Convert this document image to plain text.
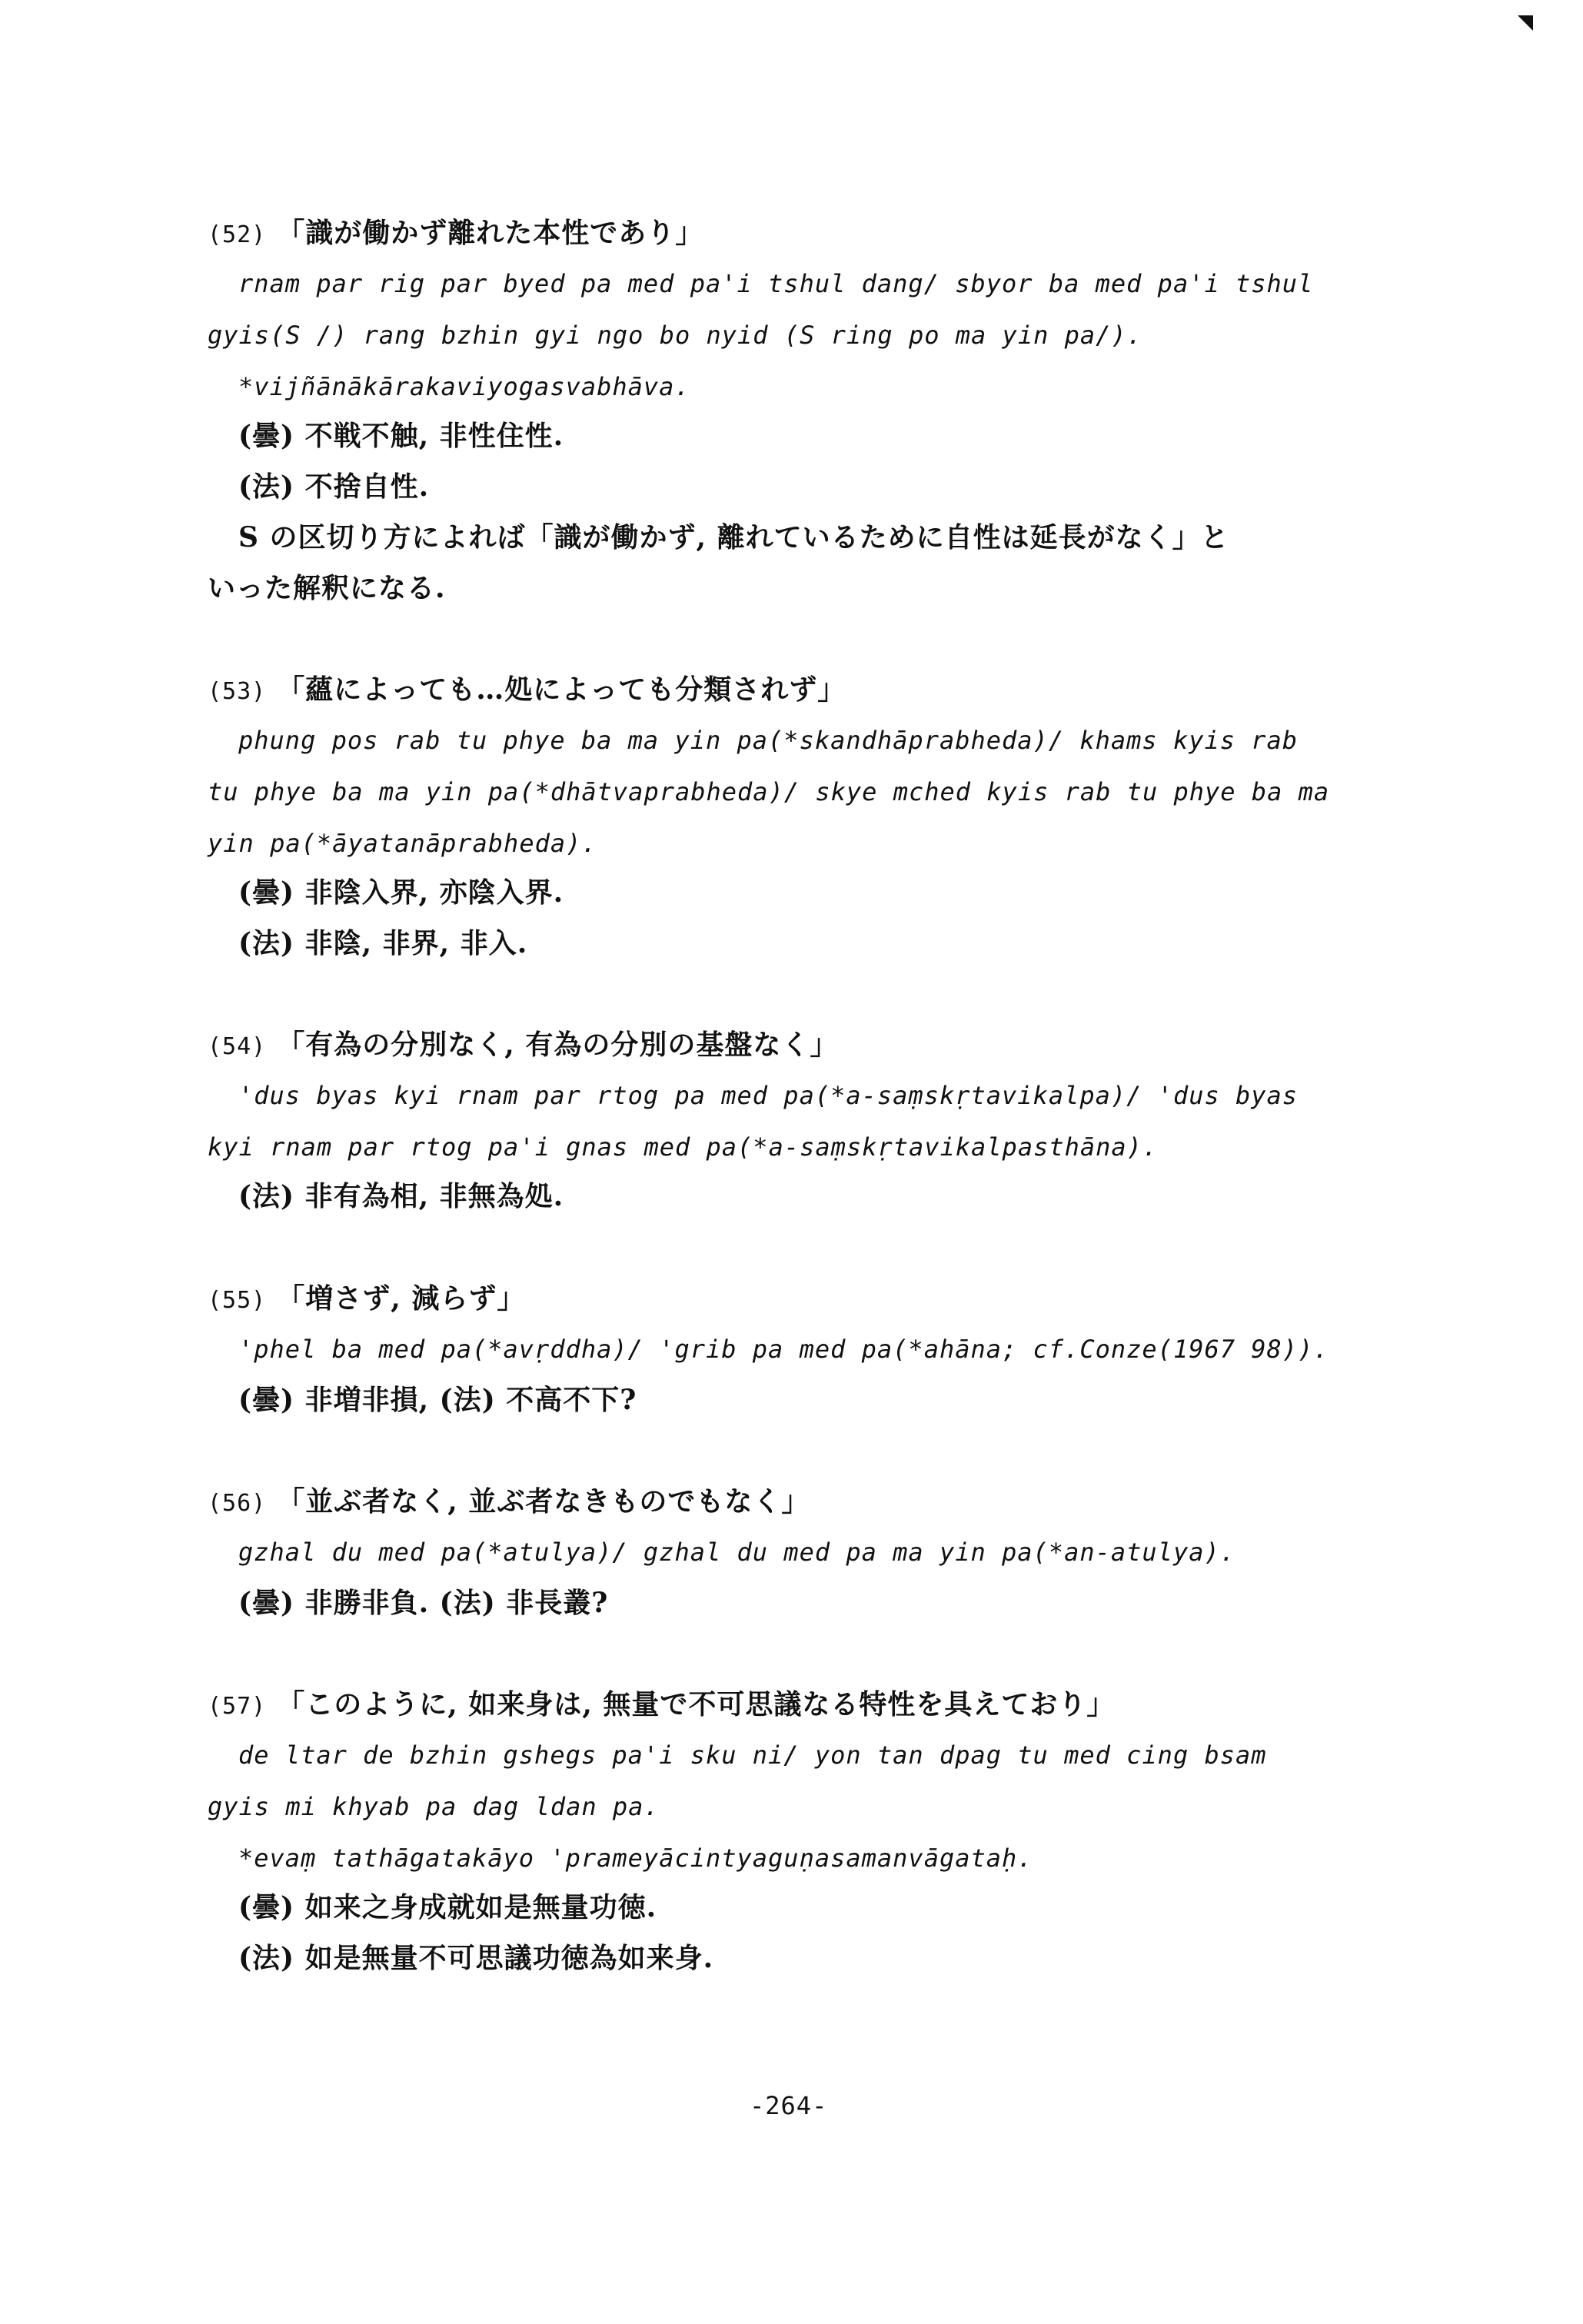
(52) 「識が働かず離れた本性であり」
rnam par rig par byed pa med pa'i tshul dang/ sbyor ba med pa'i tshul
gyis(S /) rang bzhin gyi ngo bo nyid (S ring po ma yin pa/).
*vijñānākārakaviyogasvabhāva.
(曇) 不戦不触, 非性住性.
(法) 不捨自性.
S の区切り方によれば「識が働かず, 離れているために自性は延長がなく」と
いった解釈になる.
(53) 「蘊によっても…処によっても分類されず」
phung pos rab tu phye ba ma yin pa(*skandhāprabheda)/ khams kyis rab
tu phye ba ma yin pa(*dhātvaprabheda)/ skye mched kyis rab tu phye ba ma
yin pa(*āyatanāprabheda).
(曇) 非陰入界, 亦陰入界.
(法) 非陰, 非界, 非入.
(54) 「有為の分別なく, 有為の分別の基盤なく」
'dus byas kyi rnam par rtog pa med pa(*a-saṃskṛtavikalpa)/ 'dus byas
kyi rnam par rtog pa'i gnas med pa(*a-saṃskṛtavikalpasthāna).
(法) 非有為相, 非無為処.
(55) 「増さず, 減らず」
'phel ba med pa(*avṛddha)/ 'grib pa med pa(*ahāna; cf.Conze(1967 98)).
(曇) 非増非損, (法) 不高不下?
(56) 「並ぶ者なく, 並ぶ者なきものでもなく」
gzhal du med pa(*atulya)/ gzhal du med pa ma yin pa(*an-atulya).
(曇) 非勝非負. (法) 非長叢?
(57) 「このように, 如来身は, 無量で不可思議なる特性を具えており」
de ltar de bzhin gshegs pa'i sku ni/ yon tan dpag tu med cing bsam
gyis mi khyab pa dag ldan pa.
*evaṃ tathāgatakāyo 'prameyācintyaguṇasamanvāgataḥ.
(曇) 如来之身成就如是無量功徳.
(法) 如是無量不可思議功徳為如来身.
-264-
